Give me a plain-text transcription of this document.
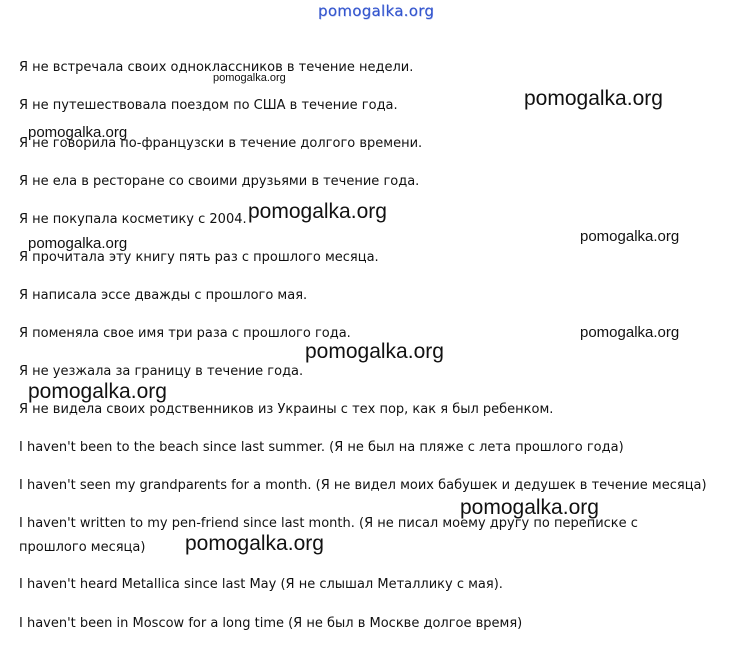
pomogalka.org
Я не встречала своих одноклассников в течение недели.
Я не путешествовала поездом по США в течение года.
Я не говорила по-французски в течение долгого времени.
Я не ела в ресторане со своими друзьями в течение года.
Я не покупала косметику с 2004.
Я прочитала эту книгу пять раз с прошлого месяца.
Я написала эссе дважды с прошлого мая.
Я поменяла свое имя три раза с прошлого года.
Я не уезжала за границу в течение года.
Я не видела своих родственников из Украины с тех пор, как я был ребенком.
I haven't been to the beach since last summer. (Я не был на пляже с лета прошлого года)
I haven't seen my grandparents for a month. (Я не видел моих бабушек и дедушек в течение месяца)
I haven't written to my pen-friend since last month. (Я не писал моему другу по переписке с прошлого месяца)
I haven't heard Metallica since last May (Я не слышал Металлику с мая).
I haven't been in Moscow for a long time (Я не был в Москве долгое время)
pomogalka.org
pomogalka.org
pomogalka.org
pomogalka.org
pomogalka.org	pomogalka.org
pomogalka.org
pomogalka.org
pomogalka.org
pomogalka.org
pomogalka.org
